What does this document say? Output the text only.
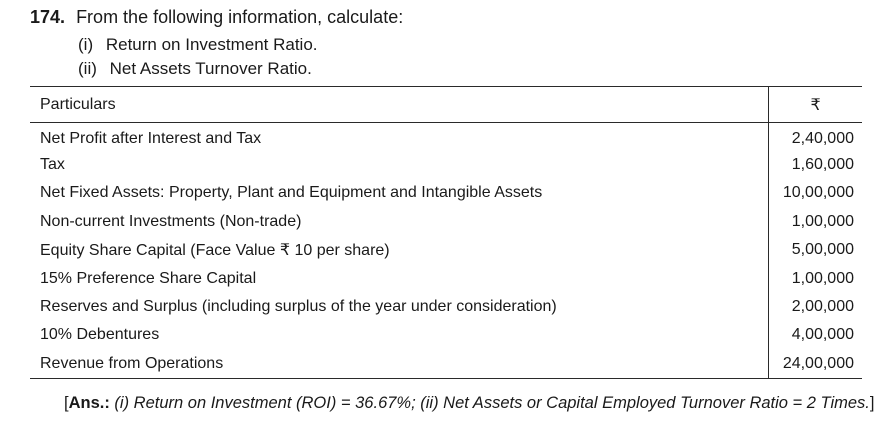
174. From the following information, calculate:
(i) Return on Investment Ratio.
(ii) Net Assets Turnover Ratio.
Particulars	₹
Net Profit after Interest and Tax	2,40,000
Tax	1,60,000
Net Fixed Assets: Property, Plant and Equipment and Intangible Assets	10,00,000
Non-current Investments (Non-trade)	1,00,000
Equity Share Capital (Face Value ₹ 10 per share)	5,00,000
15% Preference Share Capital	1,00,000
Reserves and Surplus (including surplus of the year under consideration)	2,00,000
10% Debentures	4,00,000
Revenue from Operations	24,00,000
[Ans.: (i) Return on Investment (ROI) = 36.67%; (ii) Net Assets or Capital Employed Turnover Ratio = 2 Times.]
